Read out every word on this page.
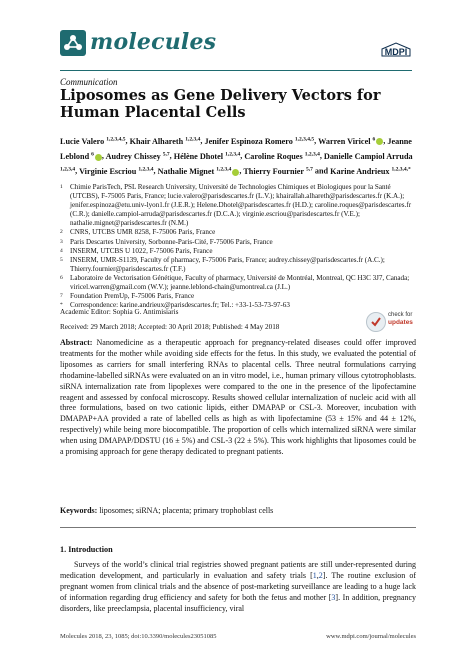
molecules	MDPI
Communication
Liposomes as Gene Delivery Vectors for Human Placental Cells
Lucie Valero $^{1,2,3,4,5}$, Khair Alhareth $^{1,2,3,4}$, Jenifer Espinoza Romero $^{1,2,3,4,5}$, Warren Viricel $^6$ , Jeanne Leblond $^6$ , Audrey Chissey $^{5,7}$, Hélène Dhotel $^{1,2,3,4}$, Caroline Roques $^{1,2,3,4}$, Danielle Campiol Arruda $^{1,2,3,4}$, Virginie Escriou $^{1,2,3,4}$, Nathalie Mignet $^{1,2,3,4}$ , Thierry Fournier $^{5,7}$ and Karine Andrieux $^{1,2,3,4,*}$
1 Chimie ParisTech, PSL Research University, Université de Technologies Chimiques et Biologiques pour la Santé (UTCBS), F-75005 Paris, France; lucie.valero@parisdescartes.fr (L.V.); khairallah.alhareth@parisdescartes.fr (K.A.); jenifer.espinoza@etu.univ-lyon1.fr (J.E.R.); Helene.Dhotel@parisdescartes.fr (H.D.); caroline.roques@parisdescartes.fr (C.R.); danielle.campiol-arruda@parisdescartes.fr (D.C.A.); virginie.escriou@parisdescartes.fr (V.E.); nathalie.mignet@parisdescartes.fr (N.M.)
2 CNRS, UTCBS UMR 8258, F-75006 Paris, France
3 Paris Descartes University, Sorbonne-Paris-Cité, F-75006 Paris, France
4 INSERM, UTCBS U 1022, F-75006 Paris, France
5 INSERM, UMR-S1139, Faculty of pharmacy, F-75006 Paris, France; audrey.chissey@parisdescartes.fr (A.C.); Thierry.fournier@parisdescartes.fr (T.F.)
6 Laboratoire de Vectorisation Génétique, Faculty of pharmacy, Université de Montréal, Montreal, QC H3C 3J7, Canada; viricel.warren@gmail.com (W.V.); jeanne.leblond-chain@umontreal.ca (J.L.)
7 Foundation PremUp, F-75006 Paris, France
* Correspondence: karine.andrieux@parisdescartes.fr; Tel.: +33-1-53-73-97-63
Academic Editor: Sophia G. Antimisiaris	check for
updates
Received: 29 March 2018; Accepted: 30 April 2018; Published: 4 May 2018
Abstract: Nanomedicine as a therapeutic approach for pregnancy-related diseases could offer improved treatments for the mother while avoiding side effects for the fetus. In this study, we evaluated the potential of liposomes as carriers for small interfering RNAs to placental cells. Three neutral formulations carrying rhodamine-labelled siRNAs were evaluated on an in vitro model, i.e., human primary villous cytotrophoblasts. siRNA internalization rate from lipoplexes were compared to the one in the presence of the lipofectamine reagent and assessed by confocal microscopy. Results showed cellular internalization of nucleic acid with all three formulations, based on two cationic lipids, either DMAPAP or CSL-3. Moreover, incubation with DMAPAP+AA provided a rate of labelled cells as high as with lipofectamine (53 ± 15% and 44 ± 12%, respectively) while being more biocompatible. The proportion of cells which internalized siRNA were similar when using DMAPAP/DDSTU (16 ± 5%) and CSL-3 (22 ± 5%). This work highlights that liposomes could be a promising approach for gene therapy dedicated to pregnant patients.
Keywords: liposomes; siRNA; placenta; primary trophoblast cells
1. Introduction
Surveys of the world’s clinical trial registries showed pregnant patients are still under-represented during medication development, and particularly in evaluation and safety trials [1,2]. The routine exclusion of pregnant women from clinical trials and the absence of post-marketing surveillance are leading to a huge lack of information regarding drug efficiency and safety for both the fetus and mother [3]. In addition, pregnancy disorders, like preeclampsia, placental insufficiency, viral
Molecules 2018, 23, 1085; doi:10.3390/molecules23051085	www.mdpi.com/journal/molecules
